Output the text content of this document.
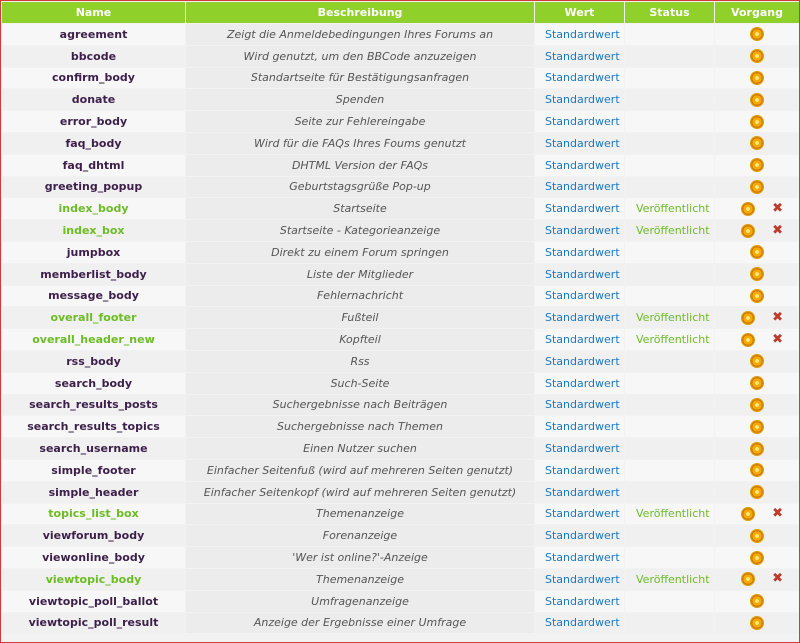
Name	Beschreibung	Wert	Status	Vorgang
agreement	Zeigt die Anmeldebedingungen Ihres Forums an	Standardwert		

bbcode	Wird genutzt, um den BBCode anzuzeigen	Standardwert		

confirm_body	Standartseite für Bestätigungsanfragen	Standardwert		

donate	Spenden	Standardwert		

error_body	Seite zur Fehlereingabe	Standardwert		

faq_body	Wird für die FAQs Ihres Foums genutzt	Standardwert		

faq_dhtml	DHTML Version der FAQs	Standardwert		

greeting_popup	Geburtstagsgrüße Pop-up	Standardwert		

index_body	Startseite	Standardwert	Veröffentlicht	✖

index_box	Startseite - Kategorieanzeige	Standardwert	Veröffentlicht	✖

jumpbox	Direkt zu einem Forum springen	Standardwert		

memberlist_body	Liste der Mitglieder	Standardwert		

message_body	Fehlernachricht	Standardwert		

overall_footer	Fußteil	Standardwert	Veröffentlicht	✖

overall_header_new	Kopfteil	Standardwert	Veröffentlicht	✖

rss_body	Rss	Standardwert		

search_body	Such-Seite	Standardwert		

search_results_posts	Suchergebnisse nach Beiträgen	Standardwert		

search_results_topics	Suchergebnisse nach Themen	Standardwert		

search_username	Einen Nutzer suchen	Standardwert		

simple_footer	Einfacher Seitenfuß (wird auf mehreren Seiten genutzt)	Standardwert		

simple_header	Einfacher Seitenkopf (wird auf mehreren Seiten genutzt)	Standardwert		

topics_list_box	Themenanzeige	Standardwert	Veröffentlicht	✖

viewforum_body	Forenanzeige	Standardwert		

viewonline_body	'Wer ist online?'-Anzeige	Standardwert		

viewtopic_body	Themenanzeige	Standardwert	Veröffentlicht	✖

viewtopic_poll_ballot	Umfragenanzeige	Standardwert		

viewtopic_poll_result	Anzeige der Ergebnisse einer Umfrage	Standardwert		
